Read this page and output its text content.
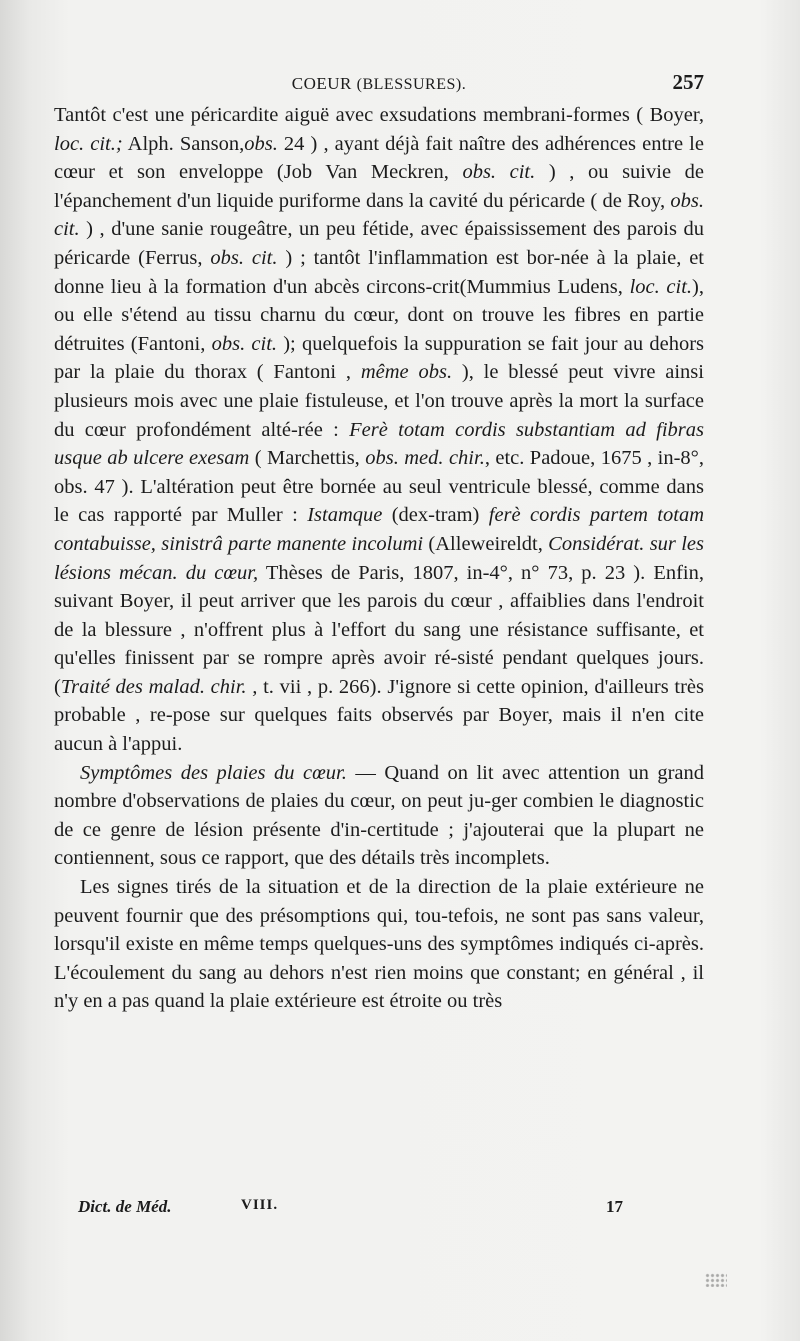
COEUR (BLESSURES).	257

Tantôt c'est une péricardite aiguë avec exsudations membrani-formes ( Boyer, loc. cit.; Alph. Sanson,obs. 24 ) , ayant déjà fait naître des adhérences entre le cœur et son enveloppe (Job Van Meckren, obs. cit. ) , ou suivie de l'épanchement d'un liquide puriforme dans la cavité du péricarde ( de Roy, obs. cit. ) , d'une sanie rougeâtre, un peu fétide, avec épaississement des parois du péricarde (Ferrus, obs. cit. ) ; tantôt l'inflammation est bor-née à la plaie, et donne lieu à la formation d'un abcès circons-crit(Mummius Ludens, loc. cit.), ou elle s'étend au tissu charnu du cœur, dont on trouve les fibres en partie détruites (Fantoni, obs. cit. ); quelquefois la suppuration se fait jour au dehors par la plaie du thorax ( Fantoni , même obs. ), le blessé peut vivre ainsi plusieurs mois avec une plaie fistuleuse, et l'on trouve après la mort la surface du cœur profondément alté-rée : Ferè totam cordis substantiam ad fibras usque ab ulcere exesam ( Marchettis, obs. med. chir., etc. Padoue, 1675 , in-8°, obs. 47 ). L'altération peut être bornée au seul ventricule blessé, comme dans le cas rapporté par Muller : Istamque (dex-tram) ferè cordis partem totam contabuisse, sinistrâ parte manente incolumi (Alleweireldt, Considérat. sur les lésions mécan. du cœur, Thèses de Paris, 1807, in-4°, n° 73, p. 23 ). Enfin, suivant Boyer, il peut arriver que les parois du cœur , affaiblies dans l'endroit de la blessure , n'offrent plus à l'effort du sang une résistance suffisante, et qu'elles finissent par se rompre après avoir ré-sisté pendant quelques jours. (Traité des malad. chir. , t. vii , p. 266). J'ignore si cette opinion, d'ailleurs très probable , re-pose sur quelques faits observés par Boyer, mais il n'en cite aucun à l'appui.

Symptômes des plaies du cœur. — Quand on lit avec attention un grand nombre d'observations de plaies du cœur, on peut ju-ger combien le diagnostic de ce genre de lésion présente d'in-certitude ; j'ajouterai que la plupart ne contiennent, sous ce rapport, que des détails très incomplets.

Les signes tirés de la situation et de la direction de la plaie extérieure ne peuvent fournir que des présomptions qui, tou-tefois, ne sont pas sans valeur, lorsqu'il existe en même temps quelques-uns des symptômes indiqués ci-après. L'écoulement du sang au dehors n'est rien moins que constant; en général , il n'y en a pas quand la plaie extérieure est étroite ou très

Dict. de Méd.	VIII.	17
